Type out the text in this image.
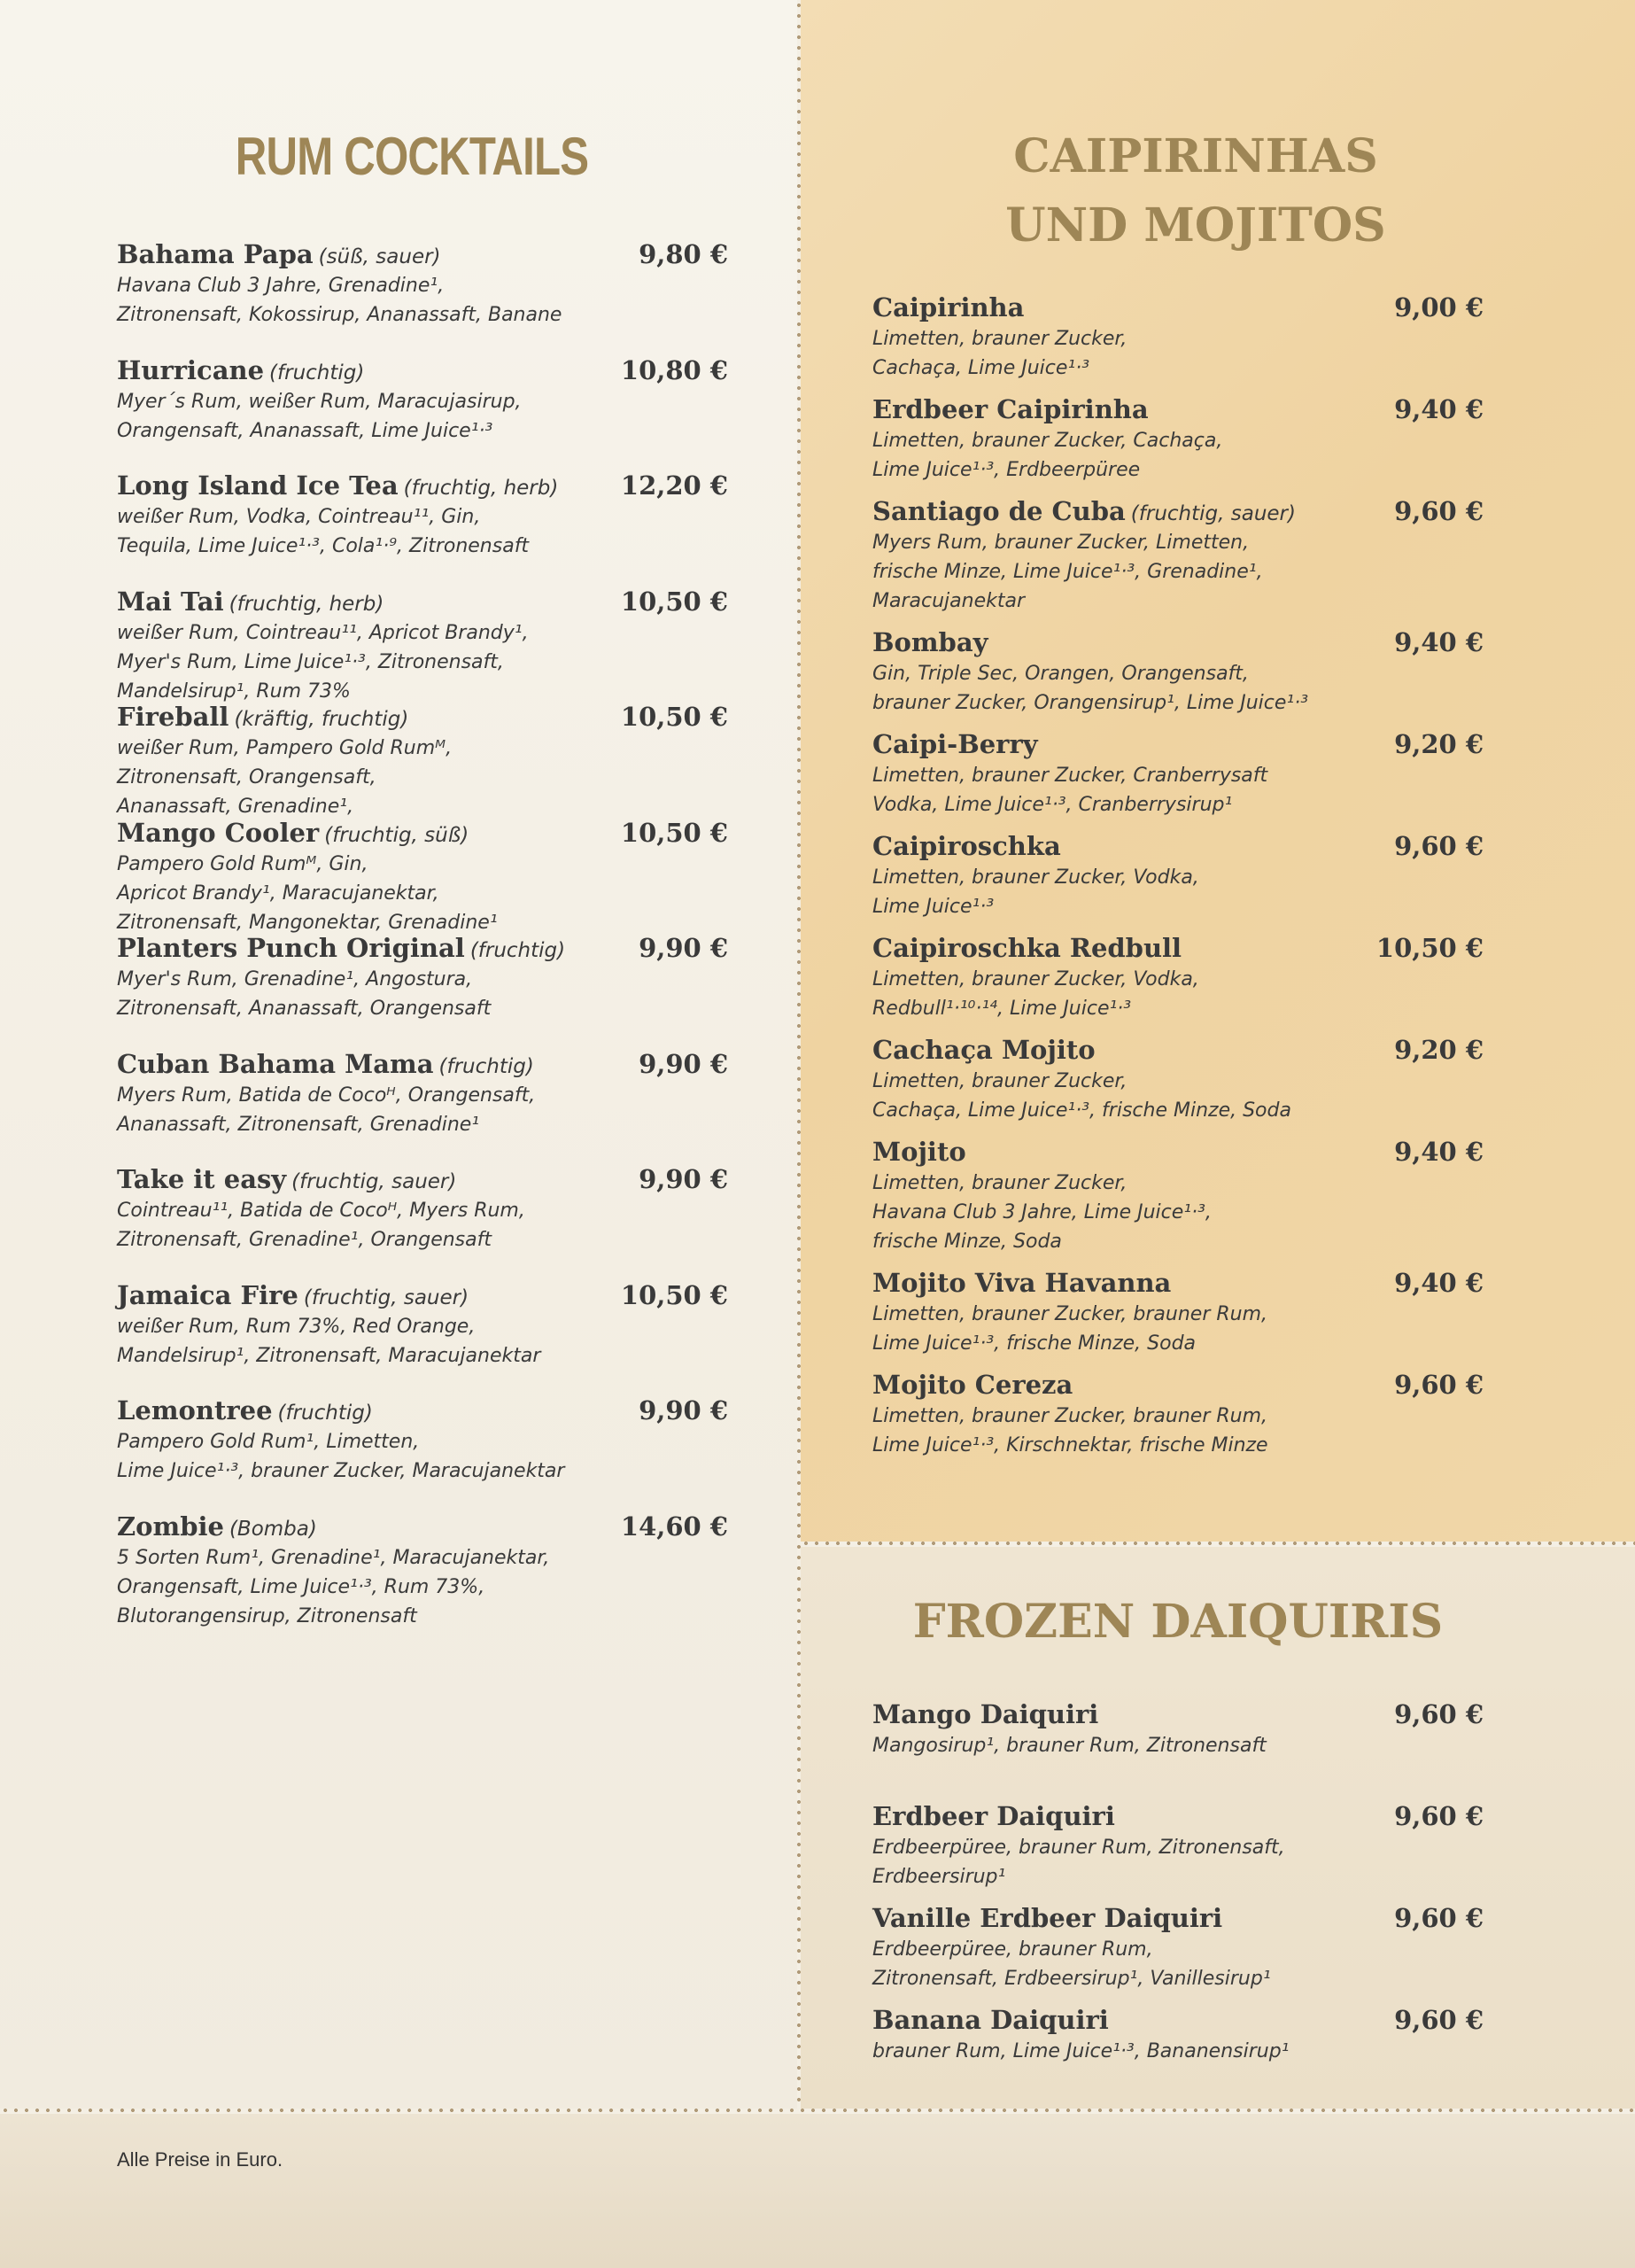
RUM COCKTAILS	CAIPIRINHAS
UND MOJITOS
FROZEN DAIQUIRIS
Bahama Papa (süß, sauer)	9,80 €
Havana Club 3 Jahre, Grenadine¹,
Zitronensaft, Kokossirup, Ananassaft, Banane
Hurricane (fruchtig)	10,80 €
Myer´s Rum, weißer Rum, Maracujasirup,
Orangensaft, Ananassaft, Lime Juice¹·³
Long Island Ice Tea (fruchtig, herb) 12,20 €
weißer Rum, Vodka, Cointreau¹¹, Gin,
Tequila, Lime Juice¹·³, Cola¹·⁹, Zitronensaft
Mai Tai (fruchtig, herb)	10,50 €
weißer Rum, Cointreau¹¹, Apricot Brandy¹,
Myer's Rum, Lime Juice¹·³, Zitronensaft,
Mandelsirup¹, Rum 73%
Fireball (kräftig, fruchtig)	10,50 €
weißer Rum, Pampero Gold Rumᴹ,
Zitronensaft, Orangensaft,
Ananassaft, Grenadine¹,
Mango Cooler (fruchtig, süß)	10,50 €
Pampero Gold Rumᴹ, Gin,
Apricot Brandy¹, Maracujanektar,
Zitronensaft, Mangonektar, Grenadine¹
Planters Punch Original (fruchtig)	9,90 €
Myer's Rum, Grenadine¹, Angostura,
Zitronensaft, Ananassaft, Orangensaft
Cuban Bahama Mama (fruchtig)	9,90 €
Myers Rum, Batida de Cocoᴴ, Orangensaft,
Ananassaft, Zitronensaft, Grenadine¹
Take it easy (fruchtig, sauer)	9,90 €
Cointreau¹¹, Batida de Cocoᴴ, Myers Rum,
Zitronensaft, Grenadine¹, Orangensaft
Jamaica Fire (fruchtig, sauer)	10,50 €
weißer Rum, Rum 73%, Red Orange,
Mandelsirup¹, Zitronensaft, Maracujanektar
Lemontree (fruchtig)	9,90 €
Pampero Gold Rum¹, Limetten,
Lime Juice¹·³, brauner Zucker, Maracujanektar
Zombie (Bomba)	14,60 €
5 Sorten Rum¹, Grenadine¹, Maracujanektar,
Orangensaft, Lime Juice¹·³, Rum 73%,
Blutorangensirup, Zitronensaft
Caipirinha	9,00 €
Limetten, brauner Zucker,
Cachaça, Lime Juice¹·³
Erdbeer Caipirinha	9,40 €
Limetten, brauner Zucker, Cachaça,
Lime Juice¹·³, Erdbeerpüree
Santiago de Cuba (fruchtig, sauer)	9,60 €
Myers Rum, brauner Zucker, Limetten,
frische Minze, Lime Juice¹·³, Grenadine¹,
Maracujanektar
Bombay	9,40 €
Gin, Triple Sec, Orangen, Orangensaft,
brauner Zucker, Orangensirup¹, Lime Juice¹·³
Caipi-Berry	9,20 €
Limetten, brauner Zucker, Cranberrysaft
Vodka, Lime Juice¹·³, Cranberrysirup¹
Caipiroschka	9,60 €
Limetten, brauner Zucker, Vodka,
Lime Juice¹·³
Caipiroschka Redbull	10,50 €
Limetten, brauner Zucker, Vodka,
Redbull¹·¹⁰·¹⁴, Lime Juice¹·³
Cachaça Mojito	9,20 €
Limetten, brauner Zucker,
Cachaça, Lime Juice¹·³, frische Minze, Soda
Mojito	9,40 €
Limetten, brauner Zucker,
Havana Club 3 Jahre, Lime Juice¹·³,
frische Minze, Soda
Mojito Viva Havanna	9,40 €
Limetten, brauner Zucker, brauner Rum,
Lime Juice¹·³, frische Minze, Soda
Mojito Cereza	9,60 €
Limetten, brauner Zucker, brauner Rum,
Lime Juice¹·³, Kirschnektar, frische Minze
Mango Daiquiri	9,60 €
Mangosirup¹, brauner Rum, Zitronensaft
Erdbeer Daiquiri	9,60 €
Erdbeerpüree, brauner Rum, Zitronensaft,
Erdbeersirup¹
Vanille Erdbeer Daiquiri	9,60 €
Erdbeerpüree, brauner Rum,
Zitronensaft, Erdbeersirup¹, Vanillesirup¹
Banana Daiquiri	9,60 €
brauner Rum, Lime Juice¹·³, Bananensirup¹
Alle Preise in Euro.
